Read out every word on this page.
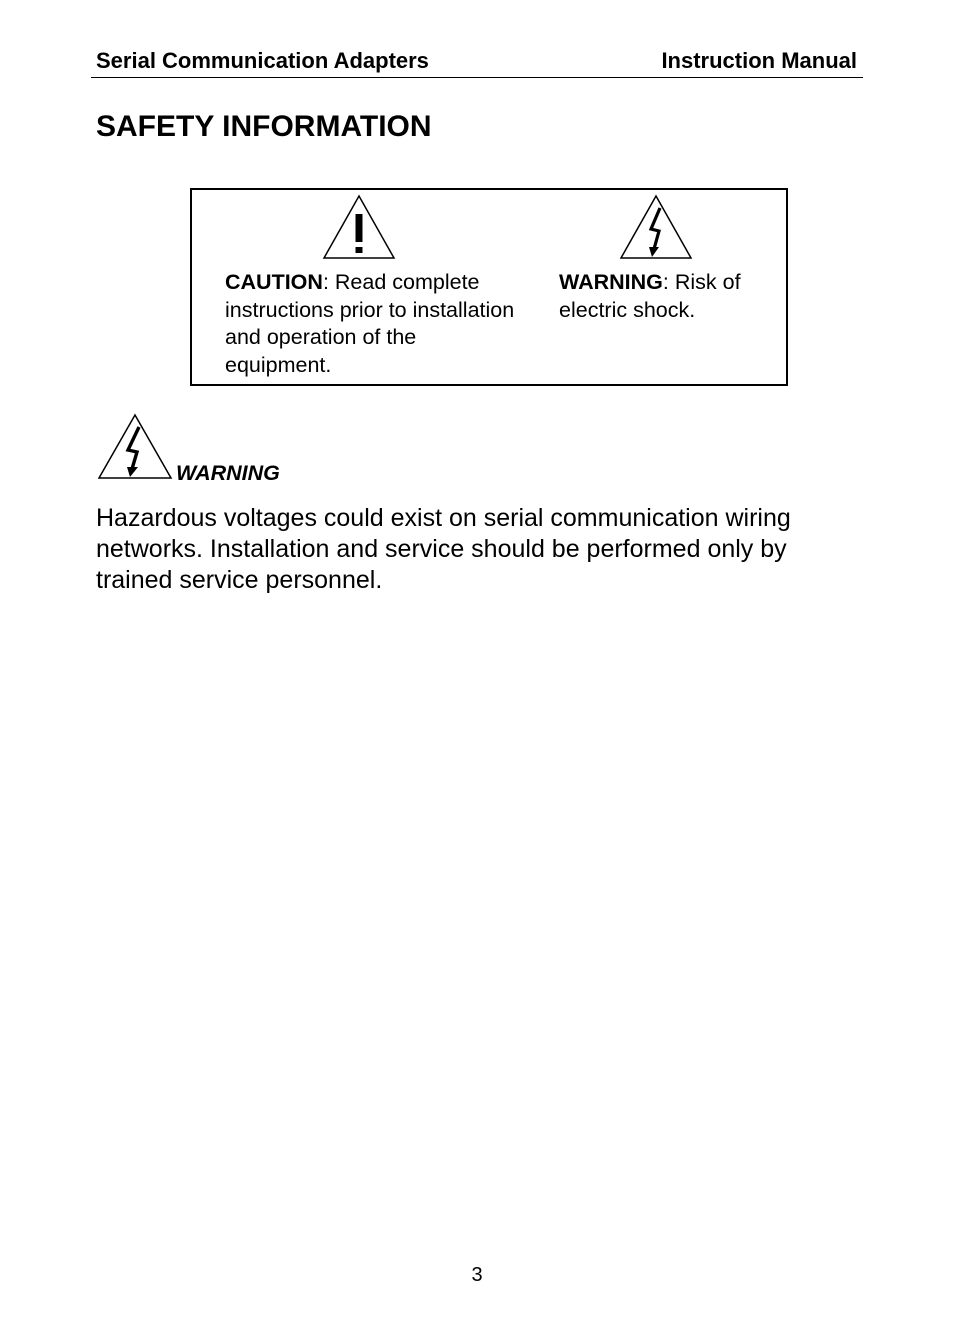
Serial Communication Adapters	Instruction Manual
SAFETY INFORMATION
CAUTION: Read complete instructions prior to installation and operation of the equipment.
WARNING: Risk of electric shock.
WARNING

Hazardous voltages could exist on serial communication wiring networks. Installation and service should be performed only by trained service personnel.

3
